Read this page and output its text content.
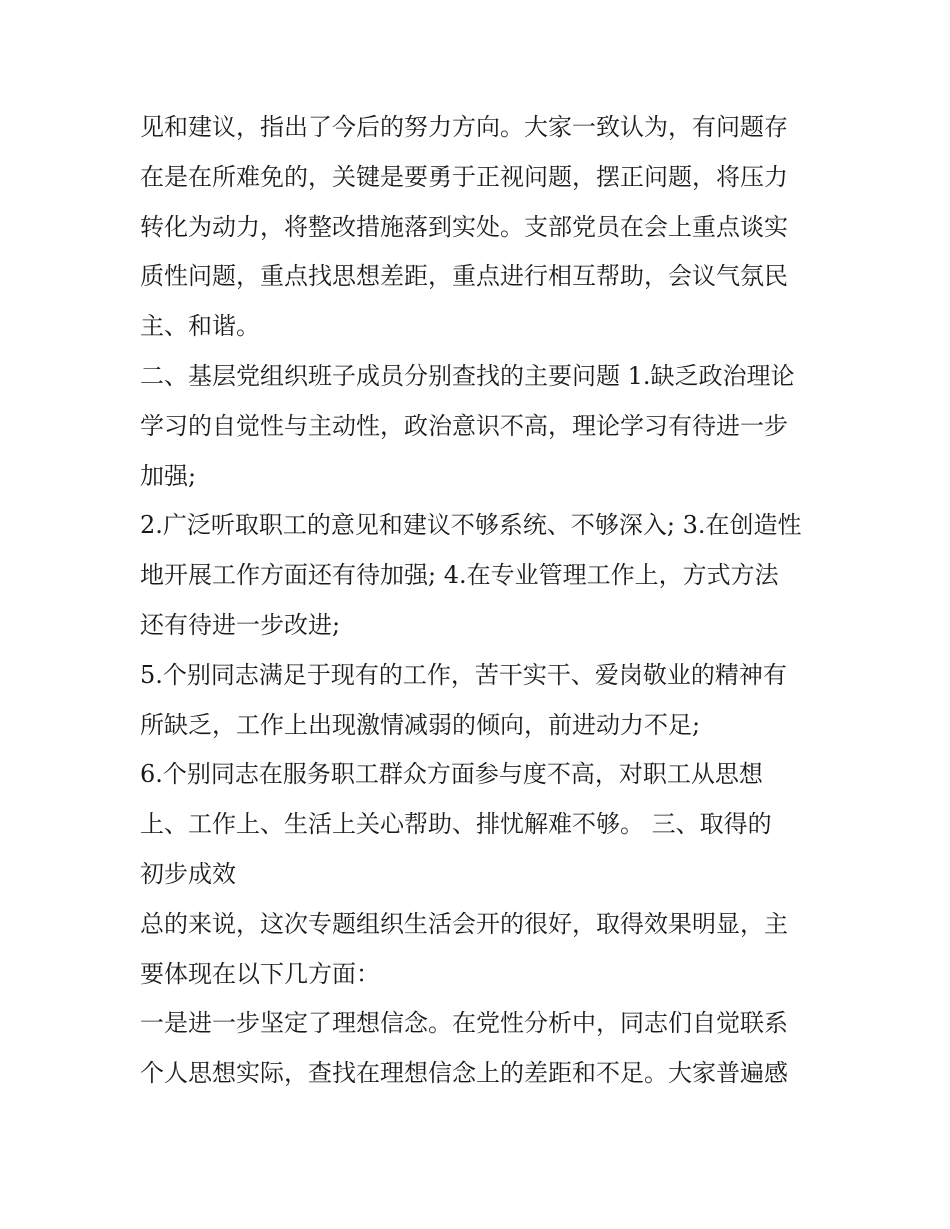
见和建议，指出了今后的努力方向。大家一致认为，有问题存
在是在所难免的，关键是要勇于正视问题，摆正问题，将压力
转化为动力，将整改措施落到实处。支部党员在会上重点谈实
质性问题，重点找思想差距，重点进行相互帮助，会议气氛民
主、和谐。
二、基层党组织班子成员分别查找的主要问题 1.缺乏政治理论
学习的自觉性与主动性，政治意识不高，理论学习有待进一步
加强;
2.广泛听取职工的意见和建议不够系统、不够深入; 3.在创造性
地开展工作方面还有待加强; 4.在专业管理工作上，方式方法
还有待进一步改进;
5.个别同志满足于现有的工作，苦干实干、爱岗敬业的精神有
所缺乏，工作上出现激情减弱的倾向，前进动力不足;
6.个别同志在服务职工群众方面参与度不高，对职工从思想
上、工作上、生活上关心帮助、排忧解难不够。 三、取得的
初步成效
总的来说，这次专题组织生活会开的很好，取得效果明显，主
要体现在以下几方面：
一是进一步坚定了理想信念。在党性分析中，同志们自觉联系
个人思想实际，查找在理想信念上的差距和不足。大家普遍感
